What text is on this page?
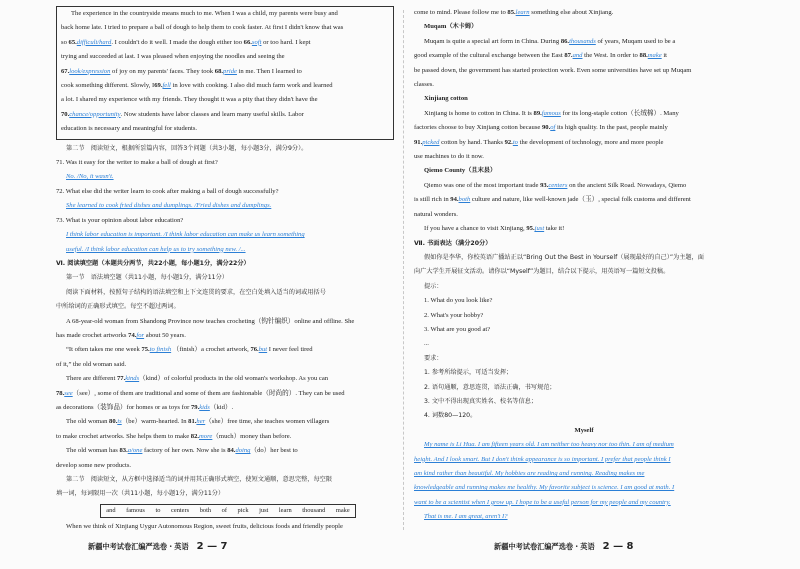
The experience in the countryside means much to me. When I was a child, my parents were busy and

back home late. I tried to prepare a ball of dough to help them to cook faster. At first I didn't know that was

so 65.difficult/hard. I couldn't do it well. I made the dough either too 66.soft or too hard. I kept

trying and succeeded at last. I was pleased when enjoying the noodles and seeing the

67.look/expression of joy on my parents' faces. They took 68.pride in me. Then I learned to

cook something different. Slowly, I69.fell in love with cooking. I also did much farm work and learned

a lot. I shared my experience with my friends. They thought it was a pity that they didn't have the

70.chance/opportunity. Now students have labor classes and learn many useful skills. Labor

education is necessary and meaningful for students.

第二节　阅读短文，根据所읽篇内容，回答3个问题（共3小题，每小题3分，满分9分）。

71. Was it easy for the writer to make a ball of dough at first?

No. /No, it wasn't.

72. What else did the writer learn to cook after making a ball of dough successfully?

She learned to cook fried dishes and dumplings. /Fried dishes and dumplings.

73. What is your opinion about labor education?

I think labor education is important. /I think labor education can make us learn something

useful. /I think labor education can help us to try something new. /...

Ⅵ. 阅读填空题（本题共分两节，共22小题，每小题1分，满分22分）

第一节　语法填空题（共11小题，每小题1分，满分11分）

阅读下面材料，按照句子结构的语法填空和上下文连贯的要求，在空白处填入适当的词或用括号

中所给词的正确形式填空。每空不超过两词。

A 68-year-old woman from Shandong Province now teaches crocheting（钩针编织）online and offline. She

has made crochet artworks 74.for about 50 years.

“It often takes me one week 75.to finish （finish）a crochet artwork, 76.but I never feel tired

of it,” the old woman said.

There are different 77.kinds（kind）of colorful products in the old woman's workshop. As you can

78.see（see）, some of them are traditional and some of them are fashionable（时尚的）. They can be used

as decorations（装饰品）for homes or as toys for 79.kids（kid）.

The old woman 80.is（be）warm-hearted. In 81.her（she）free time, she teaches women villagers

to make crochet artworks. She helps them to make 82.more（much）money than before.

The old woman has 83.a/one factory of her own. Now she is 84.doing（do）her best to

develop some new products.

第二节　阅读短文，从方框中选择适当的词并用其正确形式填空，使短文通顺，意思完整，每空限

填一词，每词限用一次（共11小题，每小题1分，满分11分）

and famous to centers both of pick just learn thousand make

When we think of Xinjiang Uygur Autonomous Region, sweet fruits, delicious foods and friendly people

come to mind. Please follow me to 85.learn something else about Xinjiang.

Muqam（木卡姆）

Muqam is quite a special art form in China. During 86.thousands of years, Muqam used to be a

good example of the cultural exchange between the East 87.and the West. In order to 88.make it

be passed down, the government has started protection work. Even some universities have set up Muqam

classes.

Xinjiang cotton

Xinjiang is home to cotton in China. It is 89.famous for its long-staple cotton（长绒棉）. Many

factories choose to buy Xinjiang cotton because 90.of its high quality. In the past, people mainly

91.picked cotton by hand. Thanks 92.to the development of technology, more and more people

use machines to do it now.

Qiemo County（且末县）

Qiemo was one of the most important trade 93.centers on the ancient Silk Road. Nowadays, Qiemo

is still rich in 94.both culture and nature, like well-known jade（玉）, special folk customs and different

natural wonders.

If you have a chance to visit Xinjiang, 95.just take it!

Ⅶ. 书面表达（满分20分）

假如你是李华，你校英语广播站正以“Bring Out the Best in Yourself（展现最好的自己）”为主题，面

向广大学生开展征文活动。请你以“Myself”为题目，结合以下提示，用英语写一篇短文投稿。

提示：

1. What do you look like?

2. What's your hobby?

3. What are you good at?

...

要求：

1. 参考所给提示，可适当发挥；

2. 语句通顺，意思连贯，语法正确，书写规范；

3. 文中不得出现真实姓名、校名等信息；

4. 词数80—120。

Myself

My name is Li Hua. I am fifteen years old. I am neither too heavy nor too thin. I am of medium

height. And I look smart. But I don't think appearance is so important. I prefer that people think I

am kind rather than beautiful. My hobbies are reading and running. Reading makes me

knowledgeable and running makes me healthy. My favorite subject is science. I am good at math. I

want to be a scientist when I grow up. I hope to be a useful person for my people and my country.

That is me. I am great, aren't I?

新疆中考试卷汇编严选卷・英语 2 — 7	新疆中考试卷汇编严选卷・英语 2 — 8
